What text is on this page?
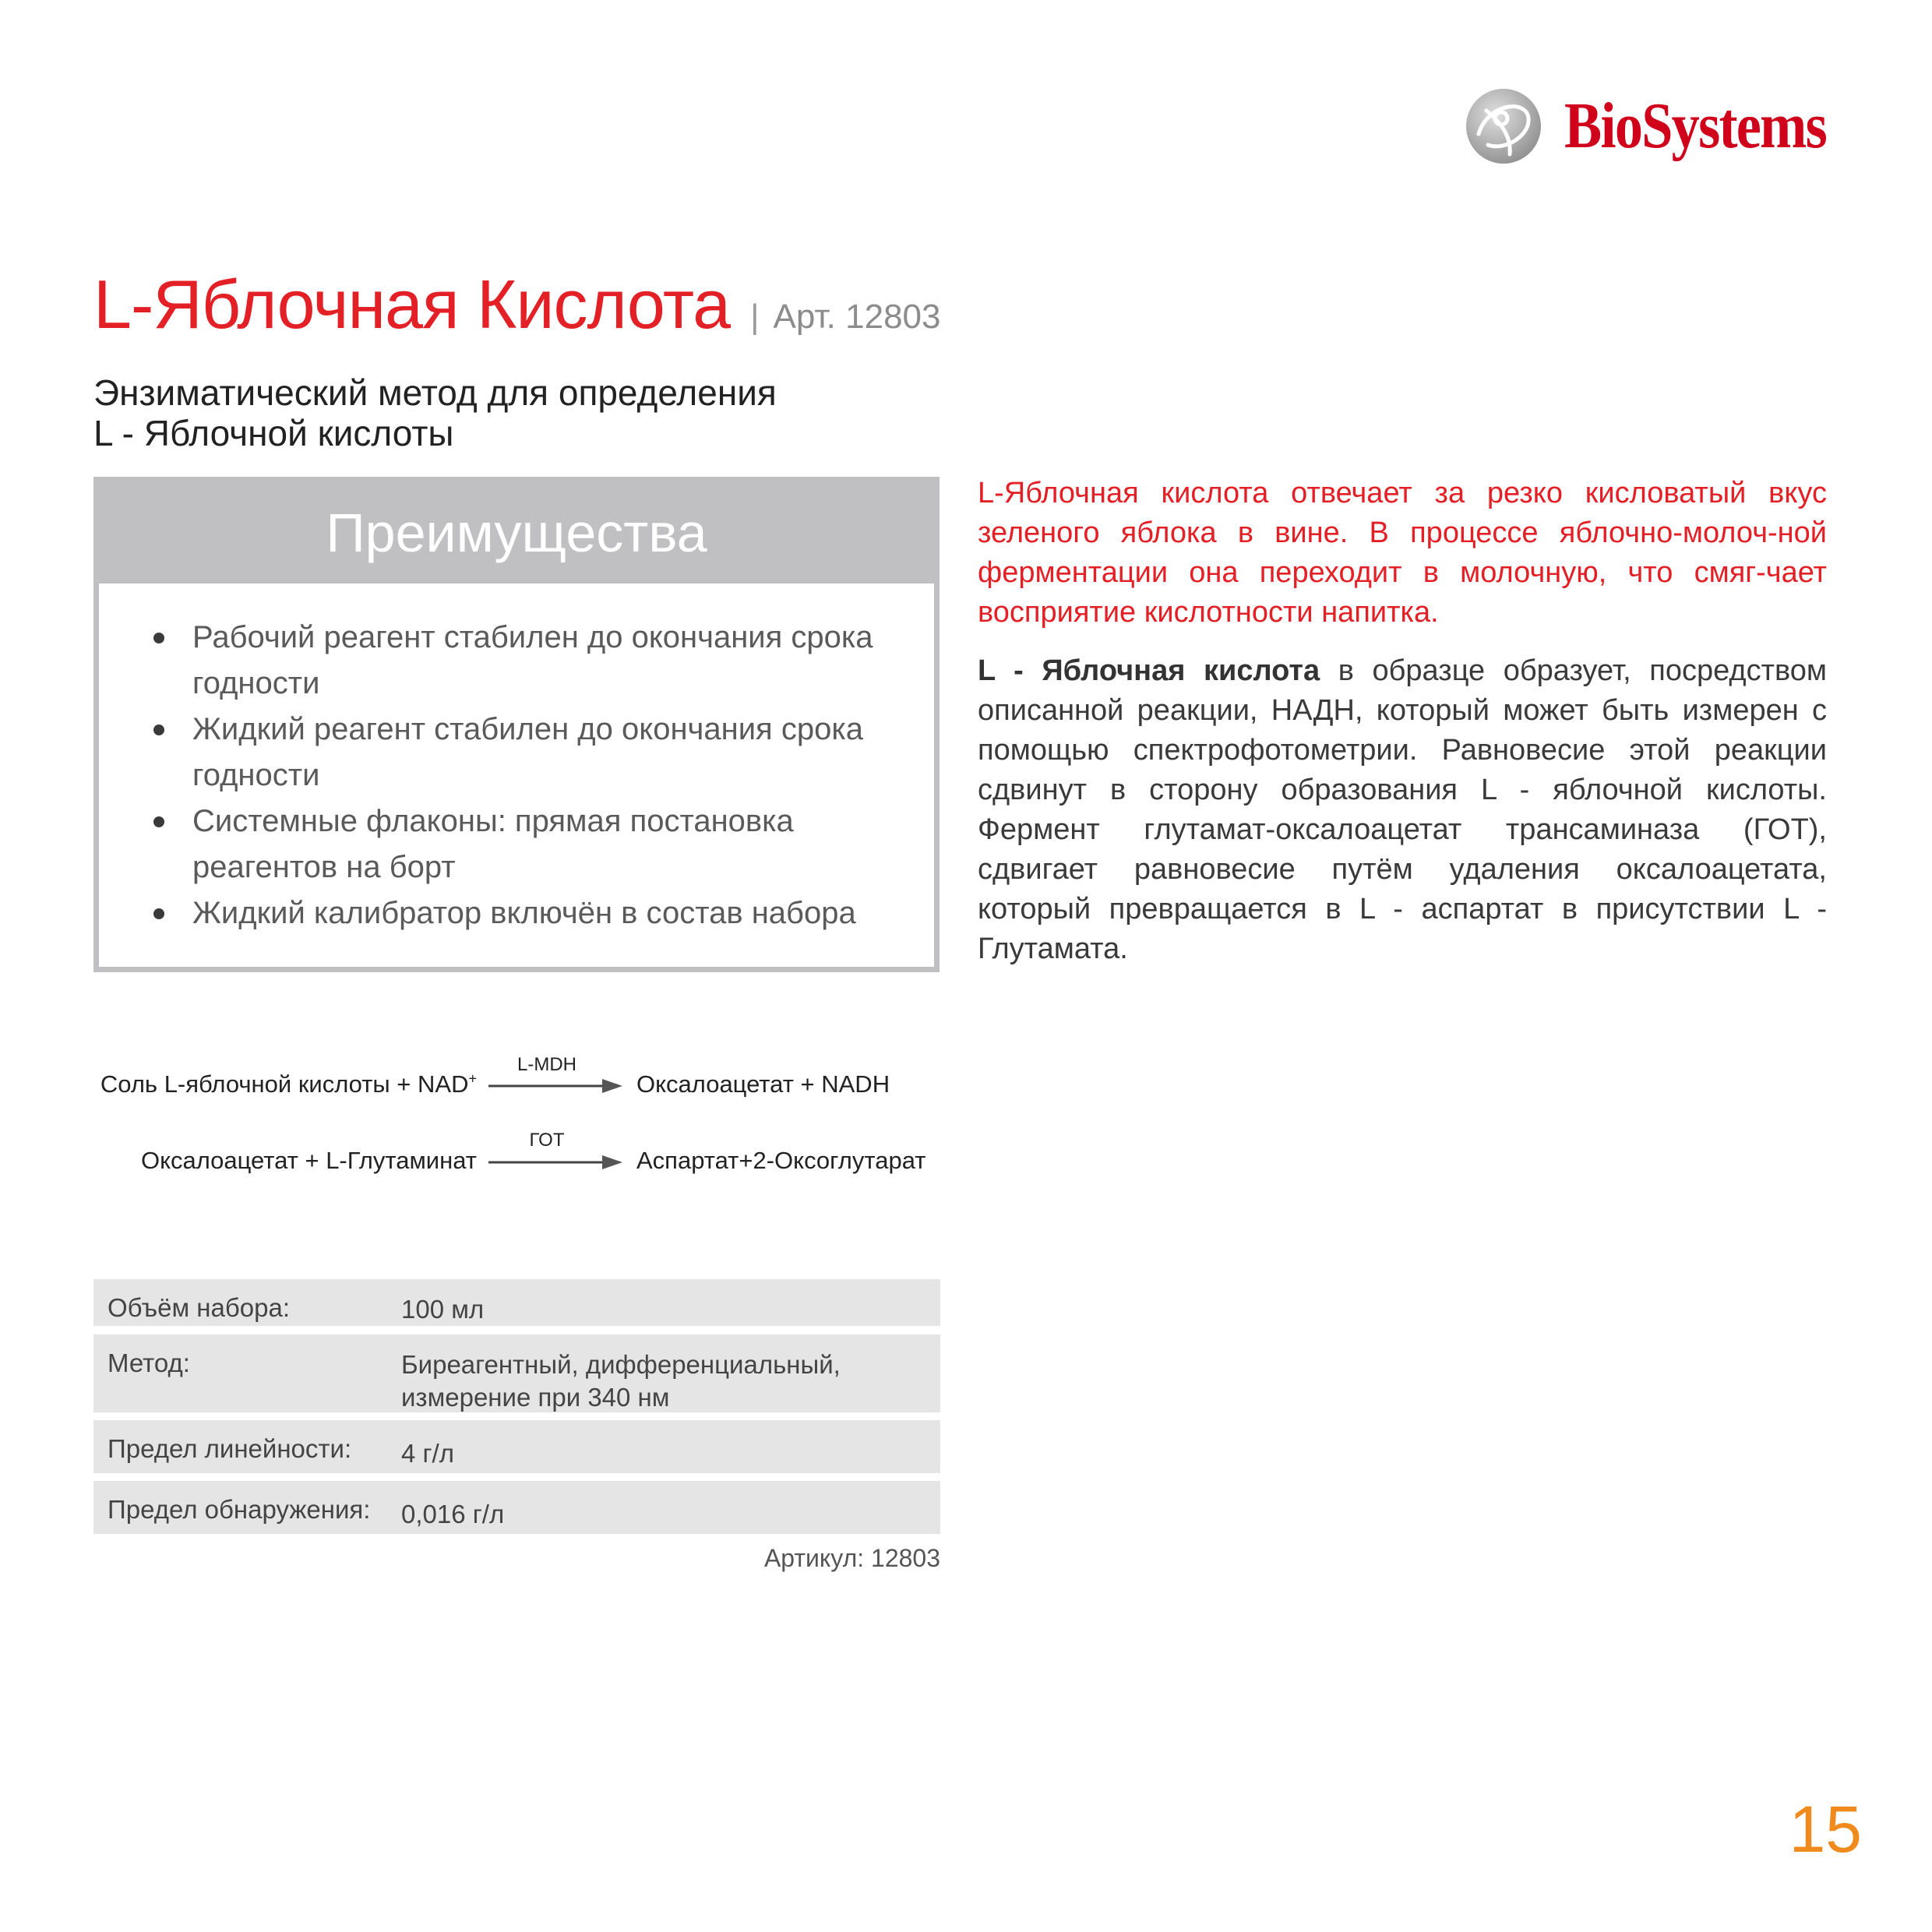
BioSystems
L-Яблочная Кислота | Арт. 12803
Энзиматический метод для определения
L - Яблочной кислоты
Преимущества
Рабочий реагент стабилен до окончания срока
годности
Жидкий реагент стабилен до окончания срока
годности
Системные флаконы: прямая постановка
реагентов на борт
Жидкий калибратор включён в состав набора
L-Яблочная кислота отвечает за резко кисловатый вкус зеленого яблока в вине. В процессе яблочно-молоч-ной ферментации она переходит в молочную, что смяг-чает восприятие кислотности напитка.
L - Яблочная кислота в образце образует, посредством описанной реакции, НАДН, который может быть измерен с помощью спектрофотометрии. Равновесие этой реакции сдвинут в сторону образования L - яблочной кислоты. Фермент глутамат-оксалоацетат трансаминаза (ГОТ), сдвигает равновесие путём удаления оксалоацетата, который превращается в L - аспартат в присутствии L - Глутамата.
Соль L-яблочной кислоты + NAD+
L-MDH
Оксалоацетат + NADH
Оксалоацетат + L-Глутаминат
ГОТ
Аспартат+2-Оксоглутарат
Объём набора:	100 мл
Метод:	Биреагентный, дифференциальный,
измерение при 340 нм
Предел линейности: 4 г/л
Предел обнаружения: 0,016 г/л
Артикул: 12803
15
